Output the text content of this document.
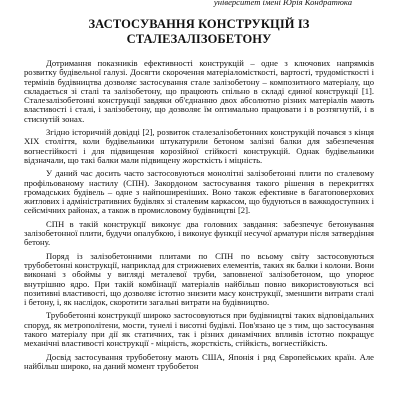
університет імені Юрія Кондратюка
ЗАСТОСУВАННЯ КОНСТРУКЦІЙ ІЗ
СТАЛЕЗАЛІЗОБЕТОНУ

Дотримання показників ефективності конструкцій – одне з ключових напрямків розвитку будівельної галузі. Досягти скорочення матеріаломісткості, вартості, трудомісткості і термінів будівництва дозволяє застосування сталe залізобетону – композитного матеріалу, що складається зі сталі та залізобетону, що працюють спільно в складі єдиної конструкції [1]. Сталезалізобетонні конструкції завдяки об'єднанню двох абсолютно різних матеріалів мають властивості і сталі, і залізобетону, що дозволяє їм оптимально працювати і в розтягнутій, і в стиснутій зонах.

Згідно історичній довідці [2], розвиток сталезалізобетонних конструкцій почався з кінця ХІХ століття, коли будівельники штукатурили бетоном залізні балки для забезпечення вогнестійкості і для підвищення корозійної стійкості конструкцій. Однак будівельники відзначали, що такі балки мали підвищену жорсткість і міцність.

У даний час досить часто застосовуються монолітні залізобетонні плити по сталевому профільованому настилу (СПН). Закордоном застосування такого рішення в перекриттях громадських будівель – одне з найпоширеніших. Воно також ефективне в багатоповерхових житлових і адміністративних будівлях зі сталевим каркасом, що будуються в важкодоступних і сейсмічних районах, а також в промисловому будівництві [2].

СПН в такій конструкції виконує два головних завдання: забезпечує бетонування залізобетонної плити, будучи опалубкою, і виконує функції несучої арматури після затвердіння бетону.

Поряд із залізобетонними плитами по СПН по всьому світу застосовуються трубобетонні конструкції, наприклад для стрижневих елементів, таких як балки і колони. Вони виконані з обоймы у вигляді металевої труби, заповненої залізобетоном, що упорює внутрішню ядро. При такій комбінації матеріалів найбільш повно використовуються всі позитивні властивості, що дозволяє істотно знизити масу конструкції, зменшити витрати сталі і бетону, і, як наслідок, скоротити загальні витрати на будівництво.

Трубобетонні конструкції широко застосовуються при будівництві таких відповідальних споруд, як метрополітени, мости, тунелі і висотні будівлі. Пов'язано це з тим, що застосування такого матеріалу при дії як статичних, так і різних динамічних впливів істотно покращує механічні властивості конструкції - міцність, жорсткість, стійкість, вогнестійкість.

Досвід застосування трубобетону мають США, Японія і ряд Європейських країн. Але найбільш широко, на даний момент трубобетон
